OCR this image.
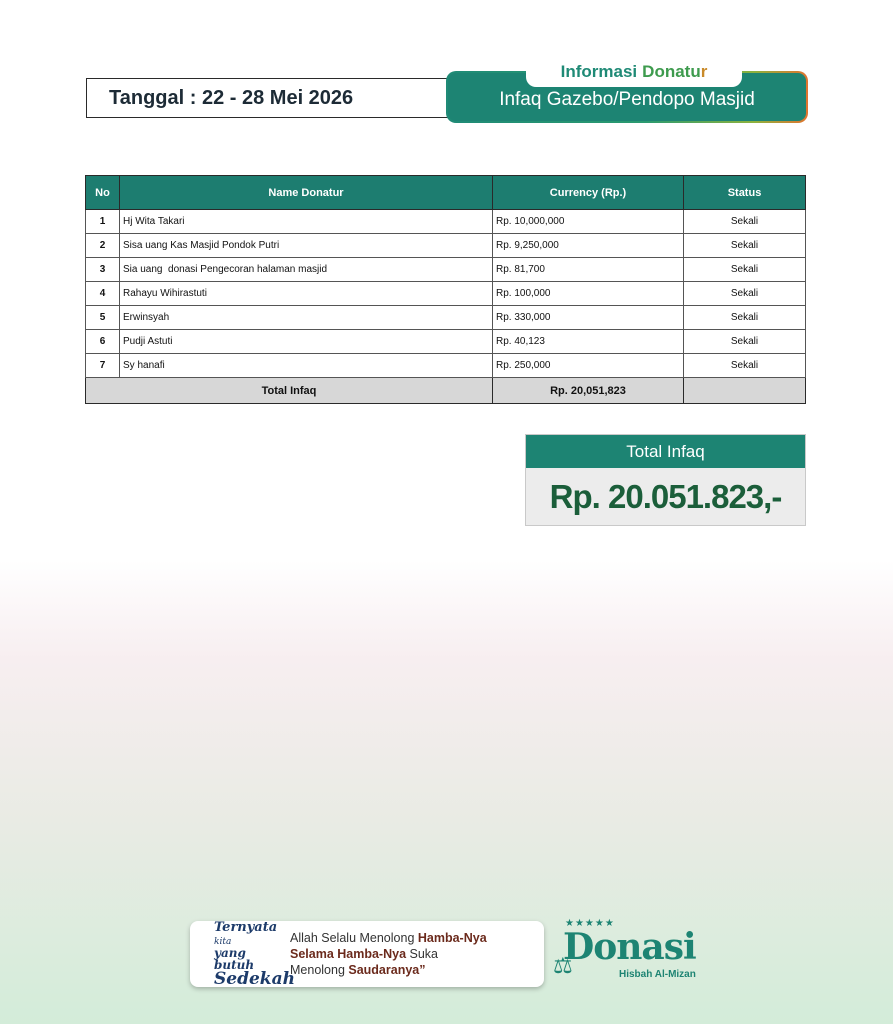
Tanggal : 22 - 28 Mei 2026	Infaq Gazebo/Pendopo Masjid
Informasi Donatur
No	Name Donatur	Currency (Rp.)	Status
1	Hj Wita Takari	Rp. 10,000,000	Sekali
2	Sisa uang Kas Masjid Pondok Putri	Rp. 9,250,000	Sekali
3	Sia uang  donasi Pengecoran halaman masjid	Rp. 81,700	Sekali
4	Rahayu Wihirastuti	Rp. 100,000	Sekali
5	Erwinsyah	Rp. 330,000	Sekali
6	Pudji Astuti	Rp. 40,123	Sekali
7	Sy hanafi	Rp. 250,000	Sekali
Total Infaq		Rp. 20,051,823	
Total Infaq
Rp. 20.051.823,-
Ternyata kita
yang butuh
Sedekah
Allah Selalu Menolong Hamba-Nya
Selama Hamba-Nya Suka
Menolong Saudaranya”
★★★★★
Donasi
⚖	Hisbah Al-Mizan
